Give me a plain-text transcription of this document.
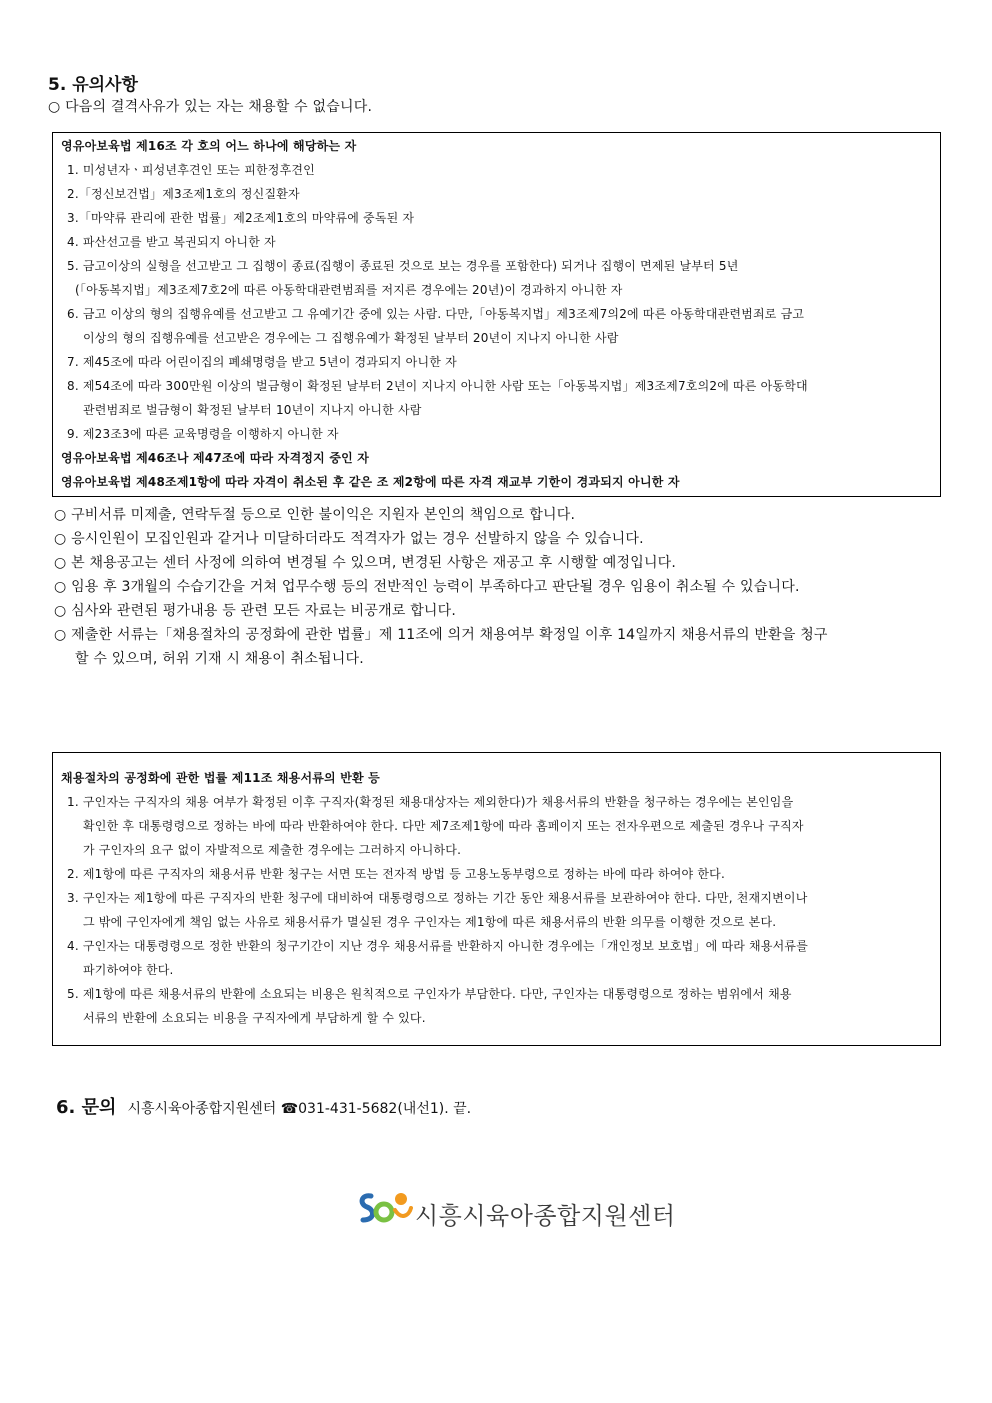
5. 유의사항
○ 다음의 결격사유가 있는 자는 채용할 수 없습니다.
영유아보육법 제16조 각 호의 어느 하나에 해당하는 자
1. 미성년자ㆍ피성년후견인 또는 피한정후견인
2.「정신보건법」제3조제1호의 정신질환자
3.「마약류 관리에 관한 법률」제2조제1호의 마약류에 중독된 자
4. 파산선고를 받고 복권되지 아니한 자
5. 금고이상의 실형을 선고받고 그 집행이 종료(집행이 종료된 것으로 보는 경우를 포함한다) 되거나 집행이 면제된 날부터 5년
(「아동복지법」제3조제7호2에 따른 아동학대관련범죄를 저지른 경우에는 20년)이 경과하지 아니한 자
6. 금고 이상의 형의 집행유예를 선고받고 그 유예기간 중에 있는 사람. 다만,「아동복지법」제3조제7의2에 따른 아동학대관련범죄로 금고
이상의 형의 집행유예를 선고받은 경우에는 그 집행유예가 확정된 날부터 20년이 지나지 아니한 사람
7. 제45조에 따라 어린이집의 폐쇄명령을 받고 5년이 경과되지 아니한 자
8. 제54조에 따라 300만원 이상의 벌금형이 확정된 날부터 2년이 지나지 아니한 사람 또는「아동복지법」제3조제7호의2에 따른 아동학대
관련범죄로 벌금형이 확정된 날부터 10년이 지나지 아니한 사람
9. 제23조3에 따른 교육명령을 이행하지 아니한 자
영유아보육법 제46조나 제47조에 따라 자격정지 중인 자
영유아보육법 제48조제1항에 따라 자격이 취소된 후 같은 조 제2항에 따른 자격 재교부 기한이 경과되지 아니한 자
○ 구비서류 미제출, 연락두절 등으로 인한 불이익은 지원자 본인의 책임으로 합니다.
○ 응시인원이 모집인원과 같거나 미달하더라도 적격자가 없는 경우 선발하지 않을 수 있습니다.
○ 본 채용공고는 센터 사정에 의하여 변경될 수 있으며, 변경된 사항은 재공고 후 시행할 예정입니다.
○ 임용 후 3개월의 수습기간을 거쳐 업무수행 등의 전반적인 능력이 부족하다고 판단될 경우 임용이 취소될 수 있습니다.
○ 심사와 관련된 평가내용 등 관련 모든 자료는 비공개로 합니다.
○ 제출한 서류는「채용절차의 공정화에 관한 법률」제 11조에 의거 채용여부 확정일 이후 14일까지 채용서류의 반환을 청구
할 수 있으며, 허위 기재 시 채용이 취소됩니다.
채용절차의 공정화에 관한 법률 제11조 채용서류의 반환 등
1. 구인자는 구직자의 채용 여부가 확정된 이후 구직자(확정된 채용대상자는 제외한다)가 채용서류의 반환을 청구하는 경우에는 본인임을
확인한 후 대통령령으로 정하는 바에 따라 반환하여야 한다. 다만 제7조제1항에 따라 홈페이지 또는 전자우편으로 제출된 경우나 구직자
가 구인자의 요구 없이 자발적으로 제출한 경우에는 그러하지 아니하다.
2. 제1항에 따른 구직자의 채용서류 반환 청구는 서면 또는 전자적 방법 등 고용노동부령으로 정하는 바에 따라 하여야 한다.
3. 구인자는 제1항에 따른 구직자의 반환 청구에 대비하여 대통령령으로 정하는 기간 동안 채용서류를 보관하여야 한다. 다만, 천재지변이나
그 밖에 구인자에게 책임 없는 사유로 채용서류가 멸실된 경우 구인자는 제1항에 따른 채용서류의 반환 의무를 이행한 것으로 본다.
4. 구인자는 대통령령으로 정한 반환의 청구기간이 지난 경우 채용서류를 반환하지 아니한 경우에는「개인정보 보호법」에 따라 채용서류를
파기하여야 한다.
5. 제1항에 따른 채용서류의 반환에 소요되는 비용은 원칙적으로 구인자가 부담한다. 다만, 구인자는 대통령령으로 정하는 범위에서 채용
서류의 반환에 소요되는 비용을 구직자에게 부담하게 할 수 있다.
6. 문의 시흥시육아종합지원센터 ☎031-431-5682(내선1). 끝.
시흥시육아종합지원센터
